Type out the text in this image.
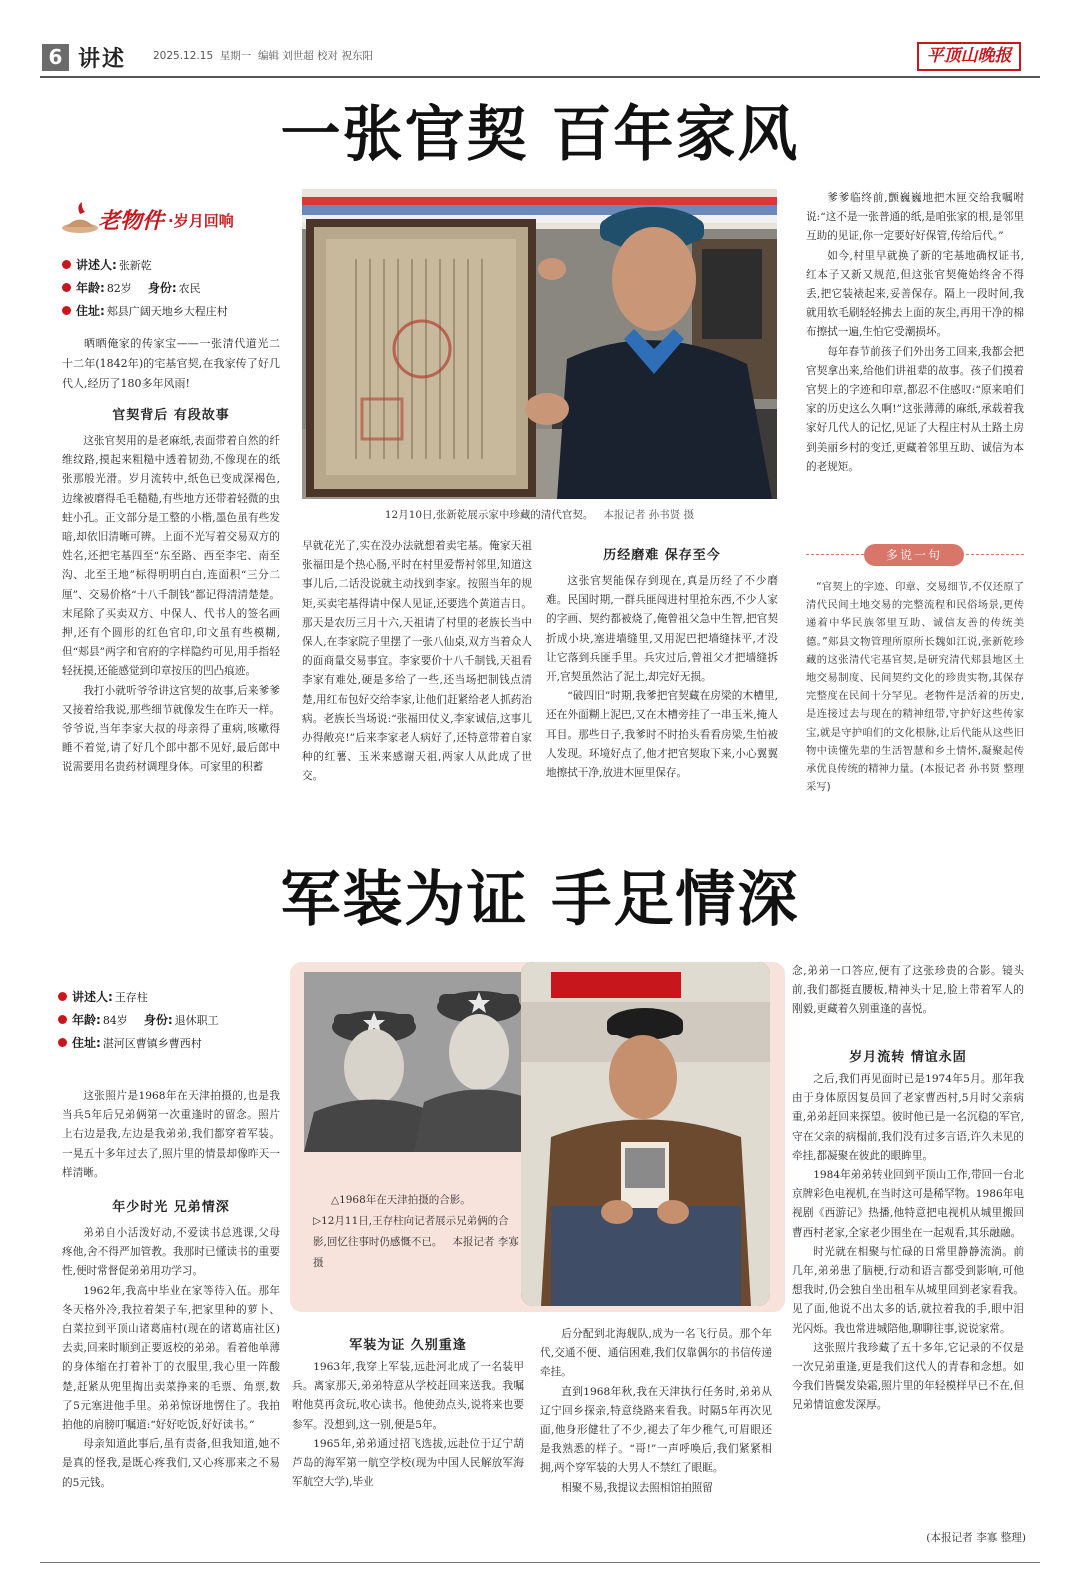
6 讲述	2025.12.15  星期一  编辑 刘世超 校对 祝东阳	平顶山晚报
一张官契 百年家风
老物件 ·岁月回响
讲述人: 张新乾
年龄: 82岁 身份: 农民
住址: 郏县广阔天地乡大程庄村

晒晒俺家的传家宝——一张清代道光二十二年(1842年)的宅基官契,在我家传了好几代人,经历了180多年风雨!

官契背后 有段故事

这张官契用的是老麻纸,表面带着自然的纤维纹路,摸起来粗糙中透着韧劲,不像现在的纸张那般光滑。岁月流转中,纸色已变成深褐色,边缘被磨得毛毛糙糙,有些地方还带着轻微的虫蛀小孔。正文部分是工整的小楷,墨色虽有些发暗,却依旧清晰可辨。上面不光写着交易双方的姓名,还把宅基四至“东至路、西至李宅、南至沟、北至王地”标得明明白白,连面积“三分二厘”、交易价格“十八千制钱”都记得清清楚楚。末尾除了买卖双方、中保人、代书人的签名画押,还有个圆形的红色官印,印文虽有些模糊,但“郏县”两字和官府的字样隐约可见,用手指轻轻抚摸,还能感觉到印章按压的凹凸痕迹。

我打小就听爷爷讲这官契的故事,后来爹爹又接着给我说,那些细节就像发生在昨天一样。爷爷说,当年李家大叔的母亲得了重病,咳嗽得睡不着觉,请了好几个郎中都不见好,最后郎中说需要用名贵药材调理身体。可家里的积蓄

12月10日,张新乾展示家中珍藏的清代官契。 本报记者 孙书贤 摄

早就花光了,实在没办法就想着卖宅基。俺家天祖张福田是个热心肠,平时在村里爱帮衬邻里,知道这事儿后,二话没说就主动找到李家。按照当年的规矩,买卖宅基得请中保人见证,还要选个黄道吉日。那天是农历三月十六,天祖请了村里的老族长当中保人,在李家院子里摆了一张八仙桌,双方当着众人的面商量交易事宜。李家要价十八千制钱,天祖看李家有难处,硬是多给了一些,还当场把制钱点清楚,用红布包好交给李家,让他们赶紧给老人抓药治病。老族长当场说:“张福田仗义,李家诚信,这事儿办得敞亮!”后来李家老人病好了,还特意带着自家种的红薯、玉米来感谢天祖,两家人从此成了世交。

历经磨难 保存至今

这张官契能保存到现在,真是历经了不少磨难。民国时期,一群兵匪闯进村里抢东西,不少人家的字画、契约都被烧了,俺曾祖父急中生智,把官契折成小块,塞进墙缝里,又用泥巴把墙缝抹平,才没让它落到兵匪手里。兵灾过后,曾祖父才把墙缝拆开,官契虽然沾了泥土,却完好无损。

“破四旧”时期,我爹把官契藏在房梁的木槽里,还在外面糊上泥巴,又在木槽旁挂了一串玉米,掩人耳目。那些日子,我爹时不时抬头看看房梁,生怕被人发现。环境好点了,他才把官契取下来,小心翼翼地擦拭干净,放进木匣里保存。

爹爹临终前,颤巍巍地把木匣交给我嘱咐说:“这不是一张普通的纸,是咱张家的根,是邻里互助的见证,你一定要好好保管,传给后代。”

如今,村里早就换了新的宅基地确权证书,红本子又新又规范,但这张官契俺始终舍不得丢,把它装裱起来,妥善保存。隔上一段时间,我就用软毛刷轻轻拂去上面的灰尘,再用干净的棉布擦拭一遍,生怕它受潮损坏。

每年春节前孩子们外出务工回来,我都会把官契拿出来,给他们讲祖辈的故事。孩子们摸着官契上的字迹和印章,都忍不住感叹:“原来咱们家的历史这么久啊!”这张薄薄的麻纸,承载着我家好几代人的记忆,见证了大程庄村从土路土房到美丽乡村的变迁,更藏着邻里互助、诚信为本的老规矩。

多说一句

“官契上的字迹、印章、交易细节,不仅还原了清代民间土地交易的完整流程和民俗场景,更传递着中华民族邻里互助、诚信友善的传统美德。”郏县文物管理所原所长魏如江说,张新乾珍藏的这张清代宅基官契,是研究清代郏县地区土地交易制度、民间契约文化的珍贵实物,其保存完整度在民间十分罕见。老物件是活着的历史,是连接过去与现在的精神纽带,守护好这些传家宝,就是守护咱们的文化根脉,让后代能从这些旧物中读懂先辈的生活智慧和乡土情怀,凝聚起传承优良传统的精神力量。(本报记者 孙书贤 整理采写)

军装为证 手足情深
讲述人: 王存柱
年龄: 84岁 身份: 退休职工
住址: 湛河区曹镇乡曹西村

这张照片是1968年在天津拍摄的,也是我当兵5年后兄弟俩第一次重逢时的留念。照片上右边是我,左边是我弟弟,我们都穿着军装。一晃五十多年过去了,照片里的情景却像昨天一样清晰。

年少时光 兄弟情深

弟弟自小活泼好动,不爱读书总逃课,父母疼他,舍不得严加管教。我那时已懂读书的重要性,便时常督促弟弟用功学习。

1962年,我高中毕业在家等待入伍。那年冬天格外冷,我拉着架子车,把家里种的萝卜、白菜拉到平顶山诸葛庙村(现在的诸葛庙社区)去卖,回来时顺到正要返校的弟弟。看着他单薄的身体缩在打着补丁的衣服里,我心里一阵酸楚,赶紧从兜里掏出卖菜挣来的毛票、角票,数了5元塞进他手里。弟弟惊讶地愣住了。我拍拍他的肩膀叮嘱道:“好好吃饭,好好读书。”

母亲知道此事后,虽有责备,但我知道,她不是真的怪我,是既心疼我们,又心疼那来之不易的5元钱。

△1968年在天津拍摄的合影。
▷12月11日,王存柱向记者展示兄弟俩的合影,回忆往事时仍感慨不已。 本报记者 李寡 摄
军装为证 久别重逢

1963年,我穿上军装,远赴河北成了一名装甲兵。离家那天,弟弟特意从学校赶回来送我。我嘱咐他莫再贪玩,收心读书。他使劲点头,说将来也要参军。没想到,这一别,便是5年。

1965年,弟弟通过招飞选拔,远赴位于辽宁葫芦岛的海军第一航空学校(现为中国人民解放军海军航空大学),毕业

后分配到北海舰队,成为一名飞行员。那个年代,交通不便、通信困难,我们仅靠偶尔的书信传递牵挂。

直到1968年秋,我在天津执行任务时,弟弟从辽宁回乡探亲,特意绕路来看我。时隔5年再次见面,他身形健壮了不少,褪去了年少稚气,可眉眼还是我熟悉的样子。“哥!”一声呼唤后,我们紧紧相拥,两个穿军装的大男人不禁红了眼眶。

相聚不易,我提议去照相馆拍照留

念,弟弟一口答应,便有了这张珍贵的合影。镜头前,我们都挺直腰板,精神头十足,脸上带着军人的刚毅,更藏着久别重逢的喜悦。

岁月流转 情谊永固

之后,我们再见面时已是1974年5月。那年我由于身体原因复员回了老家曹西村,5月时父亲病重,弟弟赶回来探望。彼时他已是一名沉稳的军官,守在父亲的病榻前,我们没有过多言语,许久未见的牵挂,都凝聚在彼此的眼眸里。

1984年弟弟转业回到平顶山工作,带回一台北京牌彩色电视机,在当时这可是稀罕物。1986年电视剧《西游记》热播,他特意把电视机从城里搬回曹西村老家,全家老少围坐在一起观看,其乐融融。

时光就在相聚与忙碌的日常里静静流淌。前几年,弟弟患了脑梗,行动和语言都受到影响,可他想我时,仍会独自坐出租车从城里回到老家看我。见了面,他说不出太多的话,就拉着我的手,眼中泪光闪烁。我也常进城陪他,聊聊往事,说说家常。

这张照片我珍藏了五十多年,它记录的不仅是一次兄弟重逢,更是我们这代人的青春和念想。如今我们皆鬓发染霜,照片里的年轻模样早已不在,但兄弟情谊愈发深厚。

(本报记者 李寡 整理)
